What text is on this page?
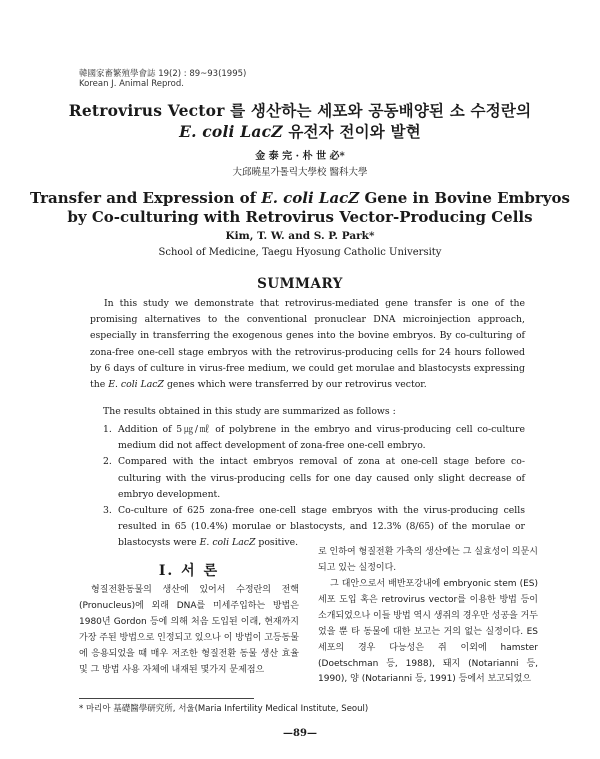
韓國家畜繁殖學會誌 19(2) : 89~93(1995)
Korean J. Animal Reprod.
Retrovirus Vector 를 생산하는 세포와 공동배양된 소 수정란의
E. coli LacZ 유전자 전이와 발현
金 泰 完 · 朴 世 必*
大邱曉星가톨릭大學校 醫科大學
Transfer and Expression of E. coli LacZ Gene in Bovine Embryos
by Co-culturing with Retrovirus Vector-Producing Cells
Kim, T. W. and S. P. Park*
School of Medicine, Taegu Hyosung Catholic University
SUMMARY

In this study we demonstrate that retrovirus-mediated gene transfer is one of the promising alternatives to the conventional pronuclear DNA microinjection approach, especially in transferring the exogenous genes into the bovine embryos. By co-culturing of zona-free one-cell stage embryos with the retrovirus-producing cells for 24 hours followed by 6 days of culture in virus-free medium, we could get morulae and blastocysts expressing the E. coli LacZ genes which were transferred by our retrovirus vector.

The results obtained in this study are summarized as follows :

1. Addition of 5㎍/㎖ of polybrene in the embryo and virus-producing cell co-culture medium did not affect development of zona-free one-cell embryo.
2. Compared with the intact embryos removal of zona at one-cell stage before co-culturing with the virus-producing cells for one day caused only slight decrease of embryo development.
3. Co-culture of 625 zona-free one-cell stage embryos with the virus-producing cells resulted in 65 (10.4%) morulae or blastocysts, and 12.3% (8/65) of the morulae or blastocysts were E. coli LacZ positive.
Ⅰ. 서 론

형질전환동물의 생산에 있어서 수정란의 전핵(Pronucleus)에 외래 DNA를 미세주입하는 방법은 1980년 Gordon 등에 의해 처음 도입된 이래, 현재까지 가장 주된 방법으로 인정되고 있으나 이 방법이 고등동물에 응용되었을 때 매우 저조한 형질전환 동물 생산 효율 및 그 방법 사용 자체에 내재된 몇가지 문제점으

로 인하여 형질전환 가축의 생산에는 그 실효성이 의문시 되고 있는 실정이다.

그 대안으로서 배반포강내에 embryonic stem (ES) 세포 도입 혹은 retrovirus vector를 이용한 방법 등이 소개되었으나 이들 방법 역시 생쥐의 경우만 성공을 거두었을 뿐 타 동물에 대한 보고는 거의 없는 실정이다. ES 세포의 경우 다능성은 쥐 이외에 hamster (Doetschman 등, 1988), 돼지 (Notarianni 등, 1990), 양 (Notarianni 등, 1991) 등에서 보고되었으

* 마리아 基礎醫學研究所, 서울(Maria Infertility Medical Institute, Seoul)
—89—
